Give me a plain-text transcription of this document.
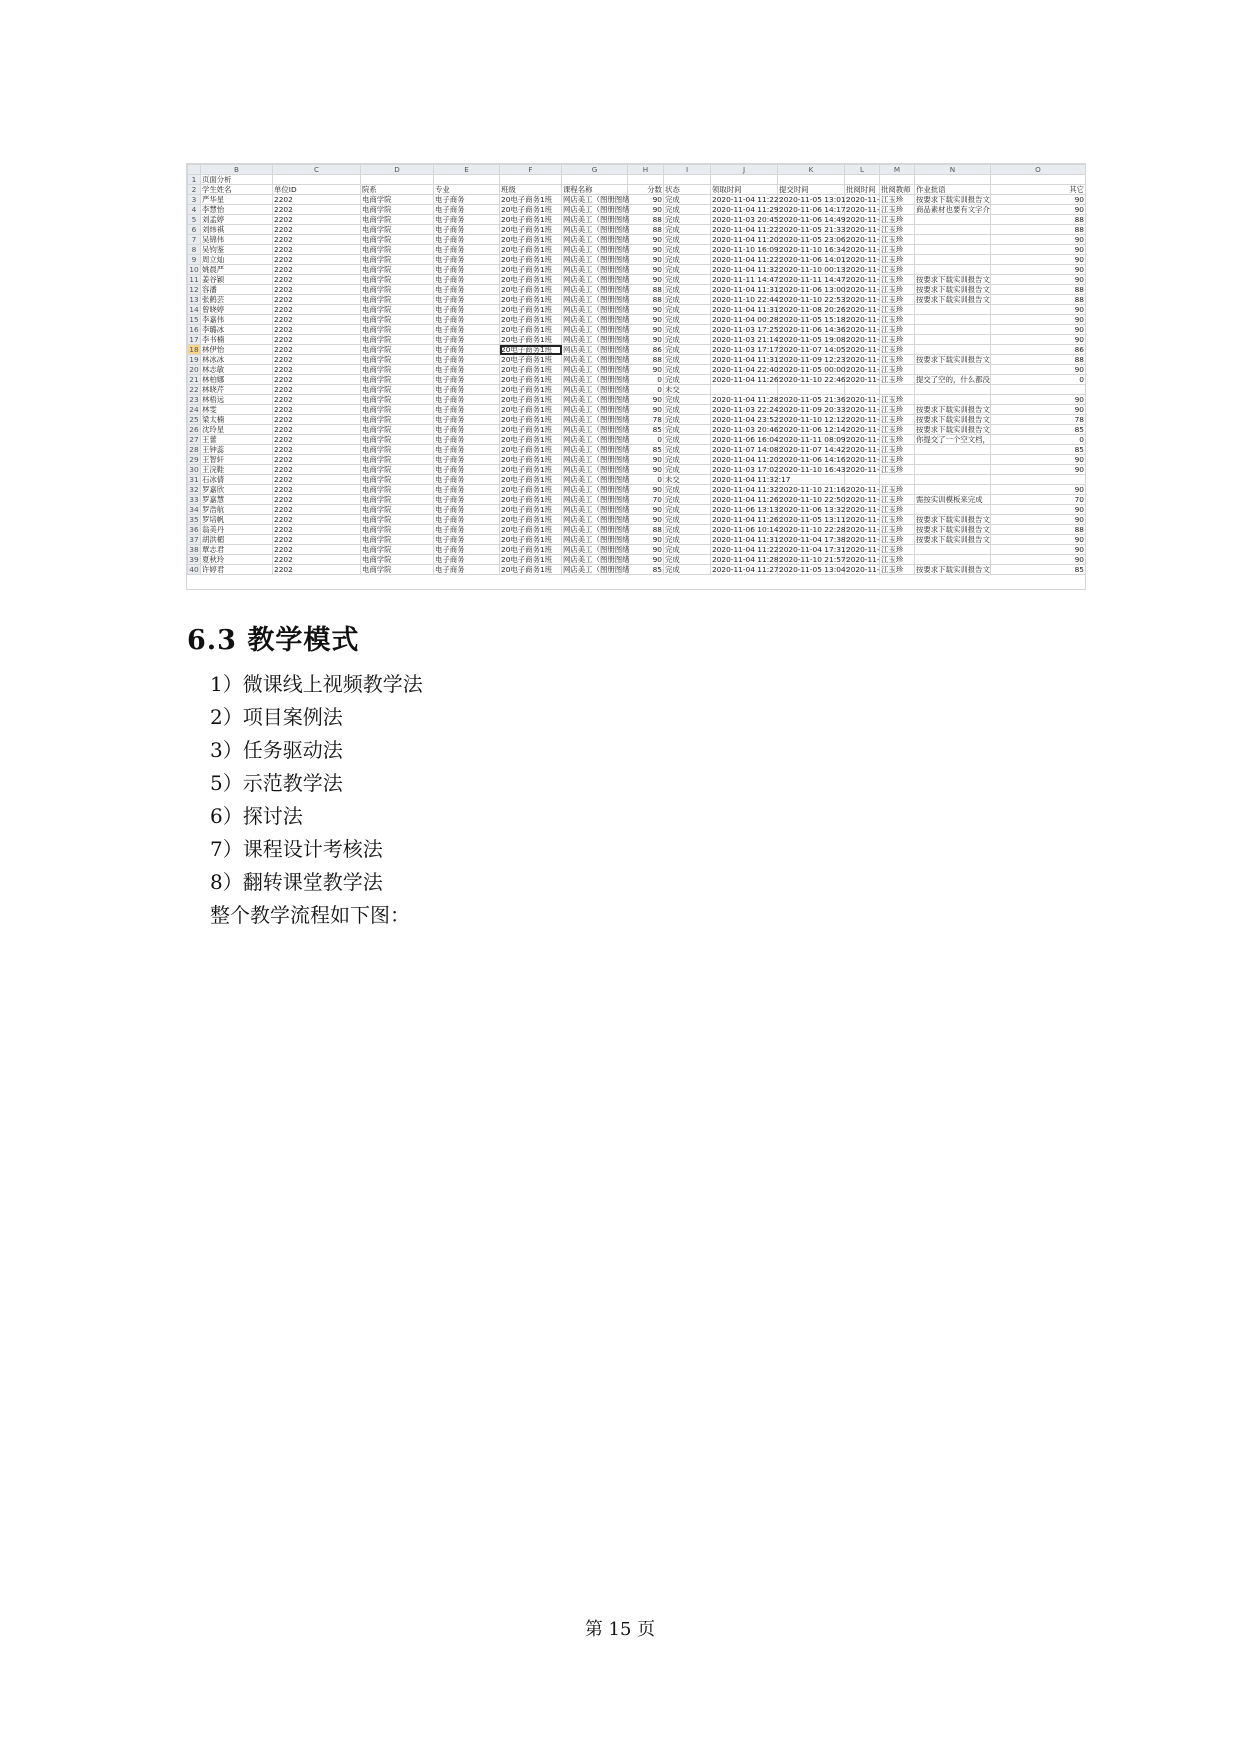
	B	C	D	E	F	G	H	I	J	K	L	M	N	O
1	页面分析													
2	学生姓名	单位ID	院系	专业	班级	课程名称	分数	状态	领取时间	提交时间	批阅时间	批阅教师	作业批语	其它
3	严华星	2202	电商学院	电子商务	20电子商务1班	网店美工（图册图绪	90	完成	2020-11-04 11:22:	2020-11-05 13:01:	2020-11-	江玉珍	按要求下载实训报告文	90
4	李慧怡	2202	电商学院	电子商务	20电子商务1班	网店美工（图册图绪	90	完成	2020-11-04 11:29:	2020-11-06 14:17:	2020-11-	江玉珍	商品素材也要有文字介	90
5	刘孟婷	2202	电商学院	电子商务	20电子商务1班	网店美工（图册图绪	88	完成	2020-11-03 20:45:	2020-11-06 14:49:	2020-11-	江玉珍		88
6	刘炜祺	2202	电商学院	电子商务	20电子商务1班	网店美工（图册图绪	88	完成	2020-11-04 11:22:	2020-11-05 21:33:	2020-11-	江玉珍		88
7	吴锦伟	2202	电商学院	电子商务	20电子商务1班	网店美工（图册图绪	90	完成	2020-11-04 11:20:	2020-11-05 23:06:	2020-11-	江玉珍		90
8	吴钧鉴	2202	电商学院	电子商务	20电子商务1班	网店美工（图册图绪	90	完成	2020-11-10 16:09:	2020-11-10 16:34:	2020-11-	江玉珍		90
9	周立灿	2202	电商学院	电子商务	20电子商务1班	网店美工（图册图绪	90	完成	2020-11-04 11:22:	2020-11-06 14:01:	2020-11-	江玉珍		90
10	姚晨严	2202	电商学院	电子商务	20电子商务1班	网店美工（图册图绪	90	完成	2020-11-04 11:32:	2020-11-10 00:13:	2020-11-	江玉珍		90
11	姜谷颖	2202	电商学院	电子商务	20电子商务1班	网店美工（图册图绪	90	完成	2020-11-11 14:47:	2020-11-11 14:47:	2020-11-	江玉珍	按要求下载实训报告文	90
12	容潘	2202	电商学院	电子商务	20电子商务1班	网店美工（图册图绪	88	完成	2020-11-04 11:31:	2020-11-06 13:00:	2020-11-	江玉珍	按要求下载实训报告文	88
13	张鹤芸	2202	电商学院	电子商务	20电子商务1班	网店美工（图册图绪	88	完成	2020-11-10 22:44:	2020-11-10 22:53:	2020-11-	江玉珍	按要求下载实训报告文	88
14	曾晓婷	2202	电商学院	电子商务	20电子商务1班	网店美工（图册图绪	90	完成	2020-11-04 11:31:	2020-11-08 20:26:	2020-11-	江玉珍		90
15	李嘉伟	2202	电商学院	电子商务	20电子商务1班	网店美工（图册图绪	90	完成	2020-11-04 00:28:	2020-11-05 15:18:	2020-11-	江玉珍		90
16	李璐冰	2202	电商学院	电子商务	20电子商务1班	网店美工（图册图绪	90	完成	2020-11-03 17:25:	2020-11-06 14:36:	2020-11-	江玉珍		90
17	李书楠	2202	电商学院	电子商务	20电子商务1班	网店美工（图册图绪	90	完成	2020-11-03 21:14:	2020-11-05 19:08:	2020-11-	江玉珍		90
18	林伊怡	2202	电商学院	电子商务	20电子商务1班	网店美工（图册图绪	86	完成	2020-11-03 17:17:	2020-11-07 14:05:	2020-11-	江玉珍		86
19	林冰冰	2202	电商学院	电子商务	20电子商务1班	网店美工（图册图绪	88	完成	2020-11-04 11:31:	2020-11-09 12:23:	2020-11-	江玉珍	按要求下载实训报告文	88
20	林志敏	2202	电商学院	电子商务	20电子商务1班	网店美工（图册图绪	90	完成	2020-11-04 22:40:	2020-11-05 00:00:	2020-11-	江玉珍		90
21	林柏娜	2202	电商学院	电子商务	20电子商务1班	网店美工（图册图绪	0	完成	2020-11-04 11:26:	2020-11-10 22:46:	2020-11-	江玉珍	提交了空的，什么都没	0
22	林晓芹	2202	电商学院	电子商务	20电子商务1班	网店美工（图册图绪	0	未交						
23	林梧远	2202	电商学院	电子商务	20电子商务1班	网店美工（图册图绪	90	完成	2020-11-04 11:28:	2020-11-05 21:36:	2020-11-	江玉珍		90
24	林雯	2202	电商学院	电子商务	20电子商务1班	网店美工（图册图绪	90	完成	2020-11-03 22:24:	2020-11-09 20:33:	2020-11-	江玉珍	按要求下载实训报告文	90
25	梁太楠	2202	电商学院	电子商务	20电子商务1班	网店美工（图册图绪	78	完成	2020-11-04 23:52:	2020-11-10 12:12:	2020-11-	江玉珍	按要求下载实训报告文	78
26	沈玲星	2202	电商学院	电子商务	20电子商务1班	网店美工（图册图绪	85	完成	2020-11-03 20:46:	2020-11-06 12:14:	2020-11-	江玉珍	按要求下载实训报告文	85
27	王蕾	2202	电商学院	电子商务	20电子商务1班	网店美工（图册图绪	0	完成	2020-11-06 16:04:	2020-11-11 08:09:	2020-11-	江玉珍	你提交了一个空文档，	0
28	王钟蕊	2202	电商学院	电子商务	20电子商务1班	网店美工（图册图绪	85	完成	2020-11-07 14:08:	2020-11-07 14:42:	2020-11-	江玉珍		85
29	王智轩	2202	电商学院	电子商务	20电子商务1班	网店美工（图册图绪	90	完成	2020-11-04 11:20:	2020-11-06 14:16:	2020-11-	江玉珍		90
30	王浣鞋	2202	电商学院	电子商务	20电子商务1班	网店美工（图册图绪	90	完成	2020-11-03 17:02:	2020-11-10 16:43:	2020-11-	江玉珍		90
31	石冰倩	2202	电商学院	电子商务	20电子商务1班	网店美工（图册图绪	0	未交	2020-11-04 11:32:17					
32	罗嘉欣	2202	电商学院	电子商务	20电子商务1班	网店美工（图册图绪	90	完成	2020-11-04 11:32:	2020-11-10 21:16:	2020-11-	江玉珍		90
33	罗嘉慧	2202	电商学院	电子商务	20电子商务1班	网店美工（图册图绪	70	完成	2020-11-04 11:26:	2020-11-10 22:50:	2020-11-	江玉珍	需按实训模板来完成	70
34	罗浩航	2202	电商学院	电子商务	20电子商务1班	网店美工（图册图绪	90	完成	2020-11-06 13:13:	2020-11-06 13:32:	2020-11-	江玉珍		90
35	罗培帆	2202	电商学院	电子商务	20电子商务1班	网店美工（图册图绪	90	完成	2020-11-04 11:26:	2020-11-05 13:11:	2020-11-	江玉珍	按要求下载实训报告文	90
36	翁美丹	2202	电商学院	电子商务	20电子商务1班	网店美工（图册图绪	88	完成	2020-11-06 10:14:	2020-11-10 22:28:	2020-11-	江玉珍	按要求下载实训报告文	88
37	胡洪楣	2202	电商学院	电子商务	20电子商务1班	网店美工（图册图绪	90	完成	2020-11-04 11:31:	2020-11-04 17:38:	2020-11-	江玉珍	按要求下载实训报告文	90
38	覃志君	2202	电商学院	电子商务	20电子商务1班	网店美工（图册图绪	90	完成	2020-11-04 11:22:	2020-11-04 17:31:	2020-11-	江玉珍		90
39	夏秋玲	2202	电商学院	电子商务	20电子商务1班	网店美工（图册图绪	90	完成	2020-11-04 11:28:	2020-11-10 21:57:	2020-11-	江玉珍		90
40	许婷君	2202	电商学院	电子商务	20电子商务1班	网店美工（图册图绪	85	完成	2020-11-04 11:27:	2020-11-05 13:04:	2020-11-	江玉珍	按要求下载实训报告文	85
6.3 教学模式
1）微课线上视频教学法
2）项目案例法
3）任务驱动法
5）示范教学法
6）探讨法
7）课程设计考核法
8）翻转课堂教学法
整个教学流程如下图：
第 15 页
